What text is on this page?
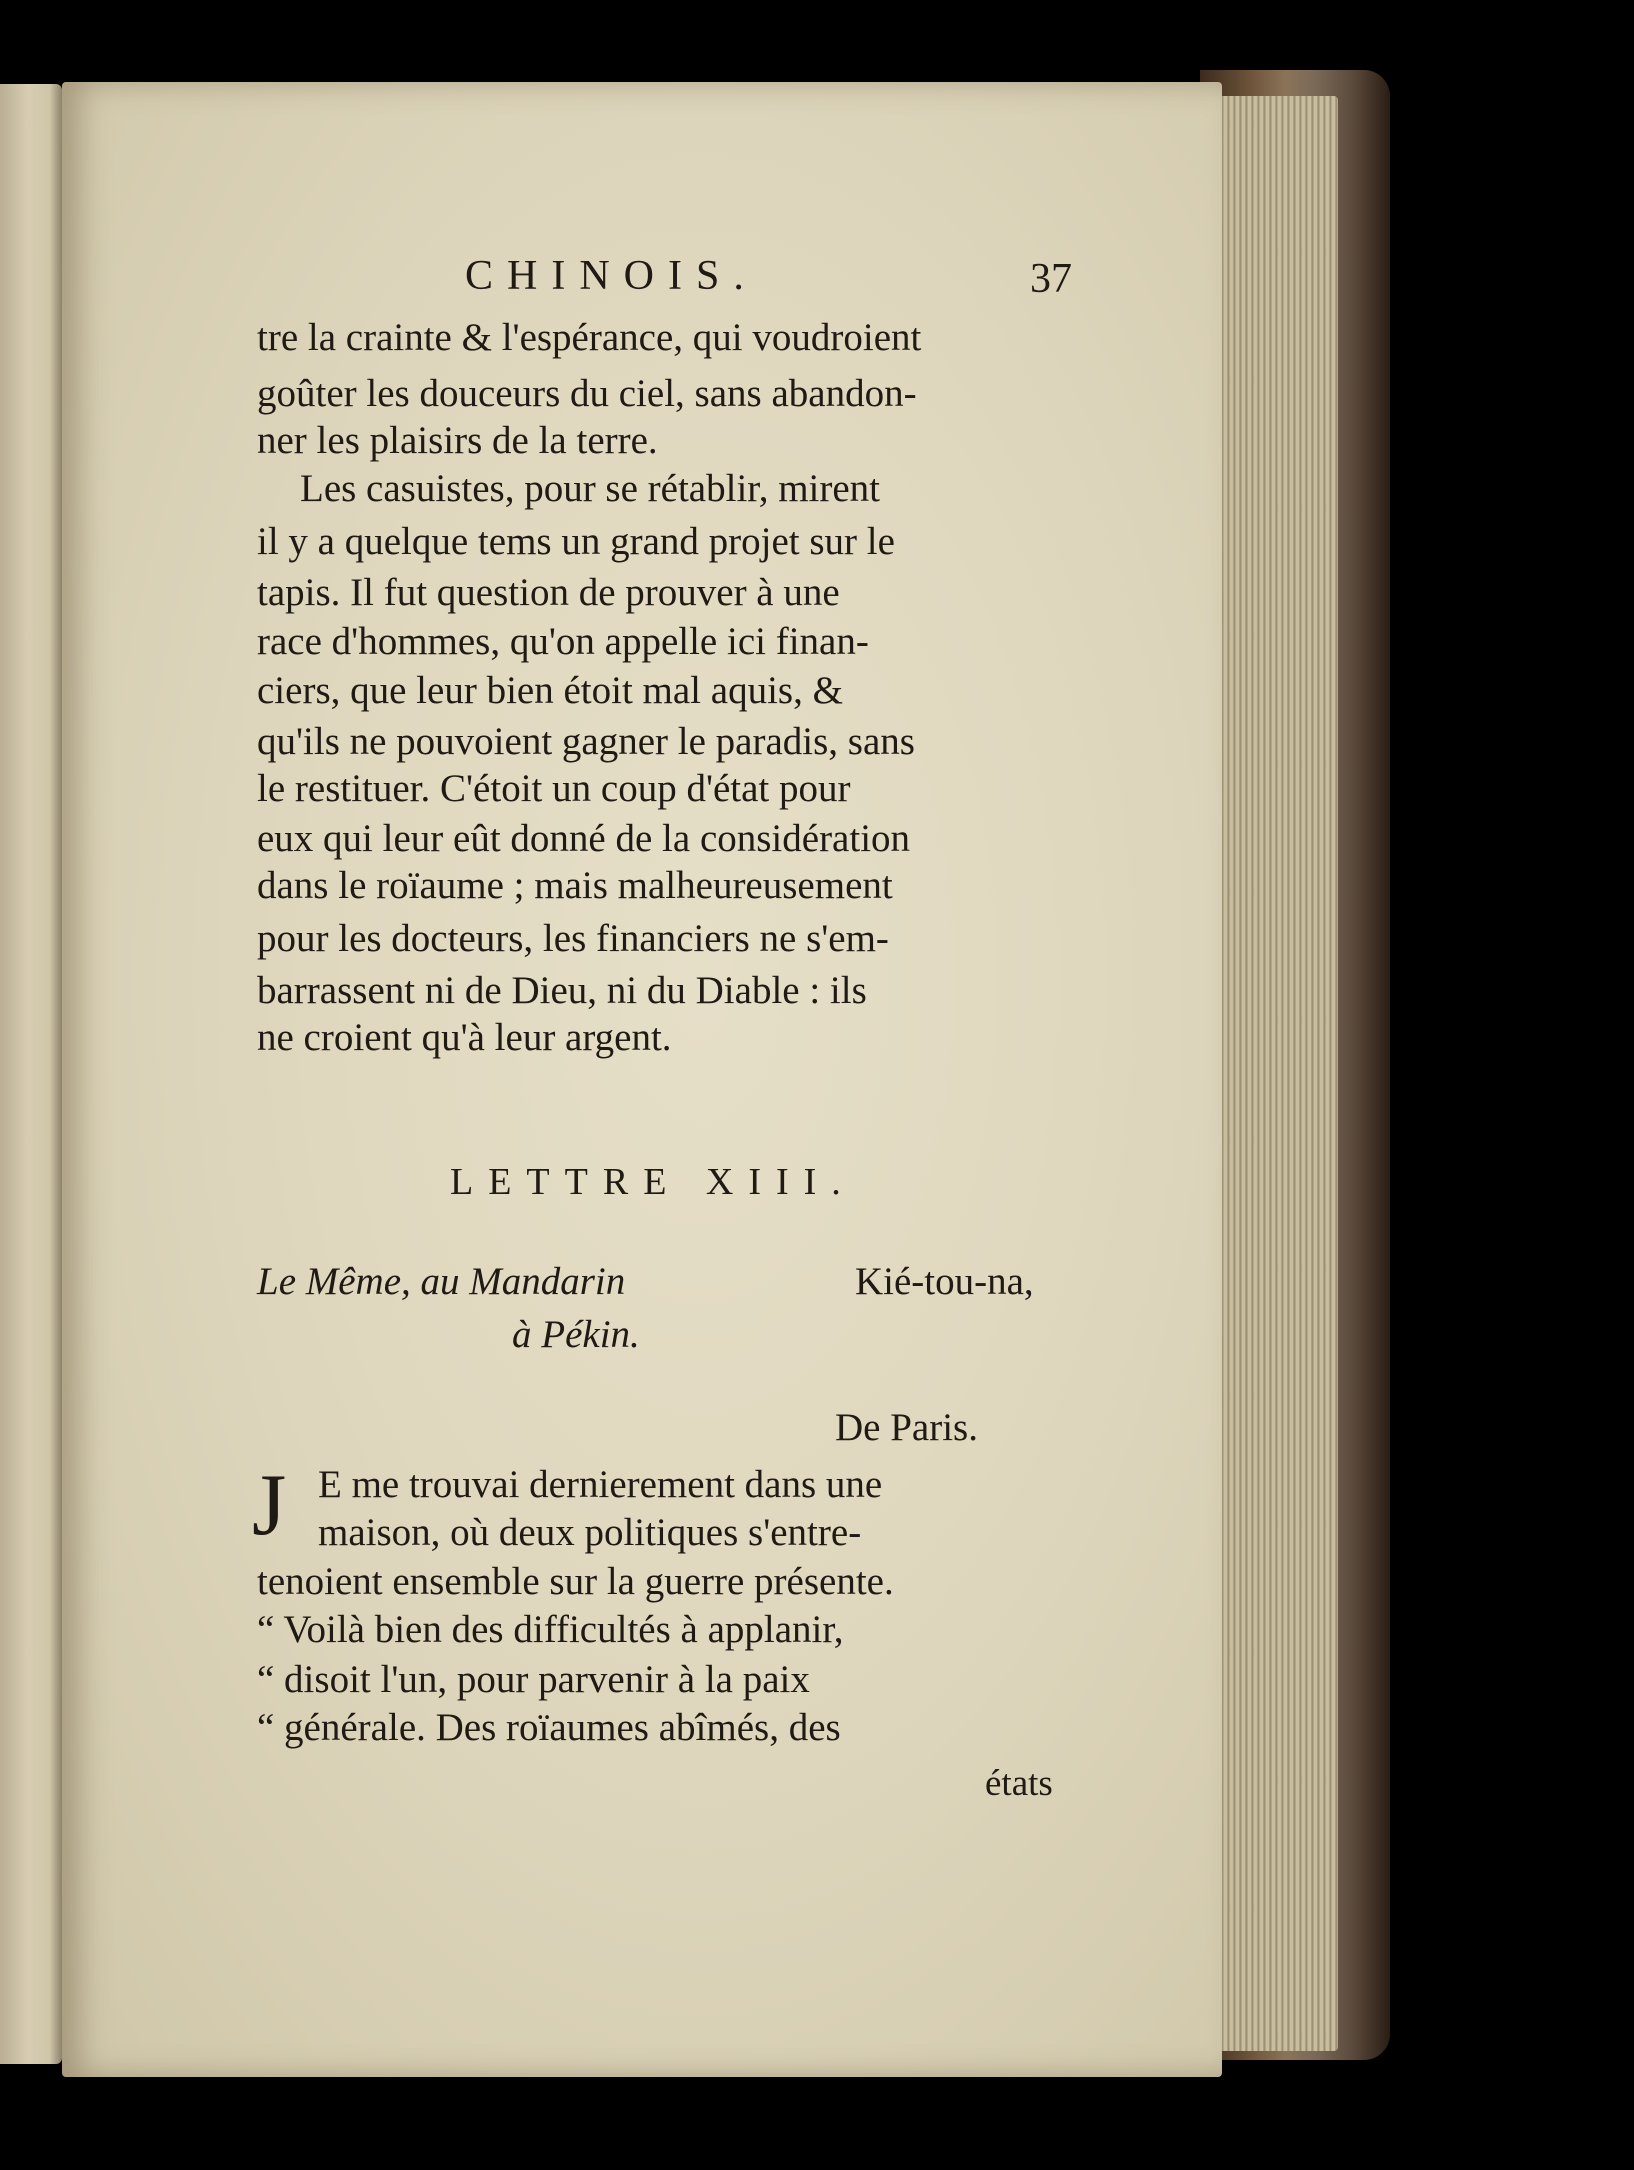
CHINOIS.	37
tre la crainte & l'espérance, qui voudroient
goûter les douceurs du ciel, sans abandon-
ner les plaisirs de la terre.
Les casuistes, pour se rétablir, mirent
il y a quelque tems un grand projet sur le
tapis. Il fut question de prouver à une
race d'hommes, qu'on appelle ici finan-
ciers, que leur bien étoit mal aquis, &
qu'ils ne pouvoient gagner le paradis, sans
le restituer. C'étoit un coup d'état pour
eux qui leur eût donné de la considération
dans le roïaume ; mais malheureusement
pour les docteurs, les financiers ne s'em-
barrassent ni de Dieu, ni du Diable : ils
ne croient qu'à leur argent.
LETTRE XIII.
Le Même, au Mandarin	Kié-tou-na,
à Pékin.
De Paris.
J E me trouvai dernierement dans une
maison, où deux politiques s'entre-
tenoient ensemble sur la guerre présente.
“ Voilà bien des difficultés à applanir,
“ disoit l'un, pour parvenir à la paix
“ générale. Des roïaumes abîmés, des
états
